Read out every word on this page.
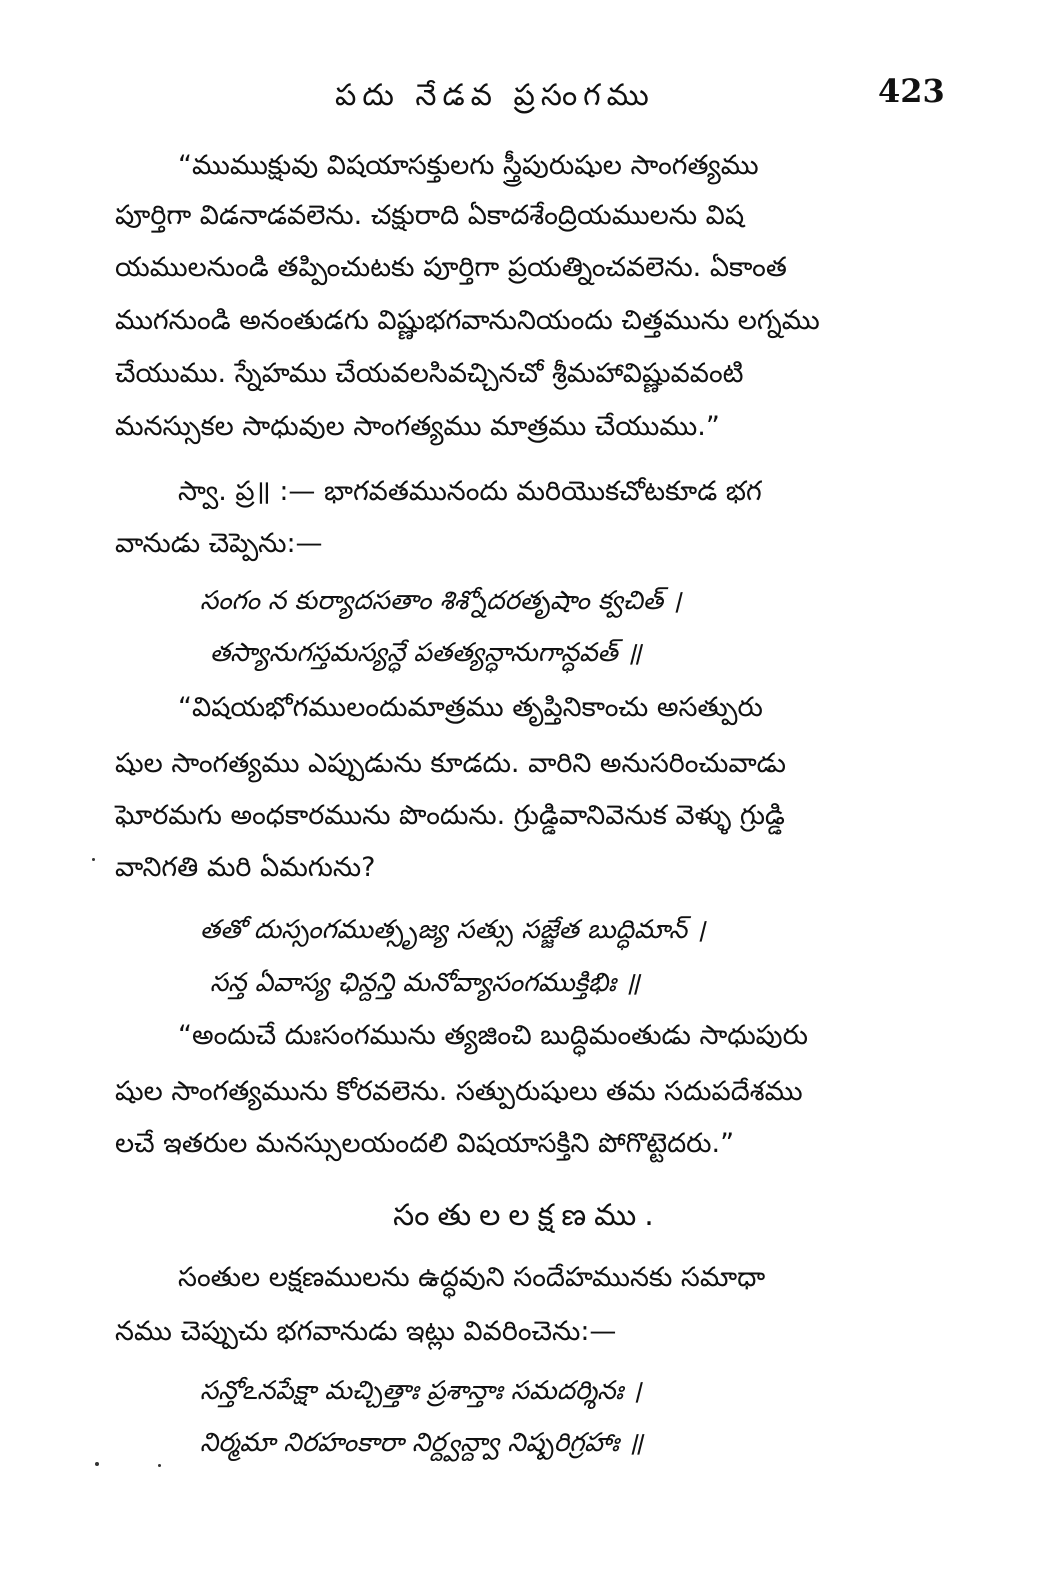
పదు నేడవ ప్రసంగము	423
“ముముక్షువు విషయాసక్తులగు స్త్రీపురుషుల సాంగత్యము
పూర్తిగా విడనాడవలెను. చక్షురాది ఏకాదశేంద్రియములను విష
యములనుండి తప్పించుటకు పూర్తిగా ప్రయత్నించవలెను. ఏకాంత
ముగనుండి అనంతుడగు విష్ణుభగవానునియందు చిత్తమును లగ్నము
చేయుము. స్నేహము చేయవలసివచ్చినచో శ్రీమహావిష్ణువవంటి
మనస్సుకల సాధువుల సాంగత్యము మాత్రము చేయుము.”
స్వా. ప్ర॥ :— భాగవతమునందు మరియొకచోటకూడ భగ
వానుడు చెప్పెను:—
సంగం న కుర్యాదసతాం శిశ్నోదరతృషాం క్వచిత్ ।
తస్యానుగస్తమస్యన్ధే పతత్యన్ధానుగాన్ధవత్ ॥
“విషయభోగములందుమాత్రము తృప్తినికాంచు అసత్పురు
షుల సాంగత్యము ఎప్పుడును కూడదు. వారిని అనుసరించువాడు
ఘోరమగు అంధకారమును పొందును. గ్రుడ్డివానివెనుక వెళ్ళు గ్రుడ్డి
వానిగతి మరి ఏమగును?
తతో దుస్సంగముత్సృజ్య సత్సు సజ్జేత బుద్ధిమాన్ ।
సన్త ఏవాస్య ఛిన్దన్తి మనోవ్యాసంగముక్తిభిః ॥
“అందుచే దుఃసంగమును త్యజించి బుద్ధిమంతుడు సాధుపురు
షుల సాంగత్యమును కోరవలెను. సత్పురుషులు తమ సదుపదేశము
లచే ఇతరుల మనస్సులయందలి విషయాసక్తిని పోగొట్టెదరు.”
సంతులలక్షణము.
సంతుల లక్షణములను ఉద్ధవుని సందేహమునకు సమాధా
నము చెప్పుచు భగవానుడు ఇట్లు వివరించెను:—
సన్తోఽనపేక్షా మచ్చిత్తాః ప్రశాన్తాః సమదర్శినః ।
నిర్మమా నిరహంకారా నిర్ద్వన్ద్వా నిష్పరిగ్రహాః ॥
